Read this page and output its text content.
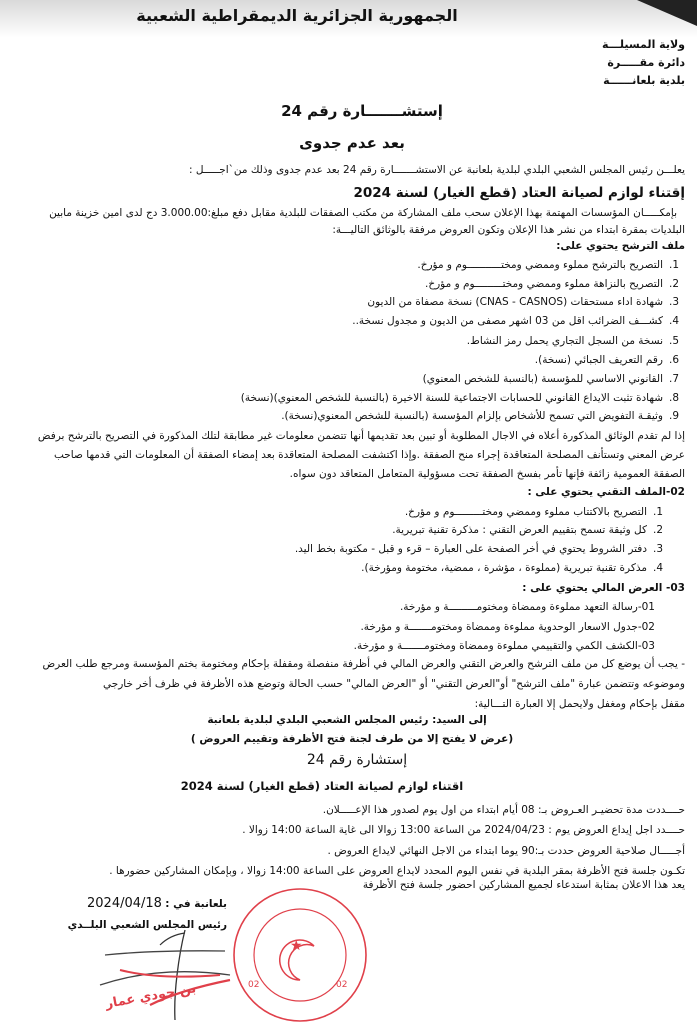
الجمهورية الجزائرية الديمقراطية الشعبية
ولاية المسيلـــة
دائرة مقـــــرة
بلدية بلعانــــــة
إستشـــــــارة رقم 24
بعد عدم جدوى
يعلـــن رئيس المجلس الشعبي البلدي لبلدية بلعانبة عن الاستشـــــــارة رقم 24 بعد عدم جدوى وذلك من`اجـــــل :
إقتناء لوازم لصيانة العتاد (قطع الغيار) لسنة 2024
بإمكـــــان المؤسسات المهتمة بهذا الإعلان سحب ملف المشاركة من مكتب الصفقات للبلدية مقابل دفع مبلغ:3.000.00 دج لدى امين خزينة مابين
البلديات بمقرة ابتداء من نشر هذا الإعلان وتكون العروض مرفقة بالوثائق التاليـــة:
ملف الترشح يحتوي على:
1.التصريح بالترشح مملوء وممضي ومختـــــــــــوم و مؤرخ.
2.التصريح بالنزاهة مملوء وممضي ومختـــــــــوم و مؤرخ.
3.شهادة اداء مستحقات (CNAS - CASNOS) نسخة مصفاة من الديون
4.كشـــف الضرائب اقل من 03 اشهر مصفى من الديون و مجدول نسخة..
5.نسخة من السجل التجاري يحمل رمز النشاط.
6.رقم التعريف الجبائي (نسخة).
7.القانوني الاساسي للمؤسسة (بالنسبة للشخص المعنوي)
8.شهادة تثبت الايداع القانوني للحسابات الاجتماعية للسنة الاخيرة (بالنسبة للشخص المعنوي)(نسخة)
9.وثيقـة التفويض التي تسمح للأشخاص بإلزام المؤسسة (بالنسبة للشخص المعنوي(نسخة).
إذا لم تقدم الوثائق المذكورة أعلاه في الاجال المطلوبة أو تبين بعد تقديمها أنها تتضمن معلومات غير مطابقة لتلك المذكورة في التصريح بالترشح برفض
عرض المعني وتستأنف المصلحة المتعاقدة إجراء منح الصفقة .وإذا اكتشفت المصلحة المتعاقدة بعد إمضاء الصفقة أن المعلومات التي قدمها صاحب
الصفقة العمومية زائفة فإنها تأمر بفسخ الصفقة تحت مسؤولية المتعامل المتعاقد دون سواه.
02-الملف التقني يحتوي على :
1.التصريح بالاكتتاب مملوء وممضي ومختـــــــــوم و مؤرخ.
2.كل وثيقة تسمح بتقييم العرض التقني : مذكرة تقنية تبريرية.
3.دفتر الشروط يحتوي في أخر الصفحة على العبارة – قرء و قبل - مكتوبة بخط اليد.
4.مذكرة تقنية تبريرية (مملوءة ، مؤشرة ، ممضية، مختومة ومؤرخة).
03- العرض المالي يحتوي على :
01-رسالة التعهد مملوءة وممضاة ومختومـــــــــة و مؤرخة.
02-جدول الاسعار الوحدوية مملوءة وممضاة ومختومـــــــة و مؤرخة.
03-الكشف الكمي والتقييمي مملوءة وممضاة ومختومـــــــة و مؤرخة.
- يجب أن يوضع كل من ملف الترشح والعرض التقني والعرض المالي في أظرفة منفصلة ومقفلة بإحكام ومختومة بختم المؤسسة ومرجع طلب العرض
وموضوعه وتتضمن عبارة "ملف الترشح" أو"العرض التقني" أو "العرض المالي" حسب الحالة وتوضع هذه الأظرفة في ظرف أخر خارجي
مقفل بإحكام ومغفل ولايحمل إلا العبارة التـــالية:
إلى السيد: رئيس المجلس الشعبي البلدي لبلدية بلعانبة
(عرض لا يفتح إلا من طرف لجنة فتح الأظرفة وتقييم العروض )
إستشارة رقم 24
اقتناء لوازم لصيانة العتاد (قطع الغيار) لسنة 2024
حــــددت مدة تحضيـر العـروض بـ: 08 أيام ابتداء من اول يوم لصدور هذا الإعـــــلان.
حــــدد اجل إيداع العروض يوم : 2024/04/23 من الساعة 13:00 زوالا الى غاية الساعة 14:00 زوالا .
أجـــــال صلاحية العروض حددت بـ:90 يوما ابتداء من الاجل النهائي لايداع العروض .
تكـون جلسة فتح الأظرفة بمقر البلدية في نفس اليوم المحدد لايداع العروض على الساعة 14:00 زوالا ، وبإمكان المشاركين حضورها .
يعد هذا الاعلان بمثابة استدعاء لجميع المشاركين احضور جلسة فتح الأظرفة
بلعانبة في : 2024/04/18
رئيس المجلس الشعبي البلــدي
02	02
★
بن جودي عمار
